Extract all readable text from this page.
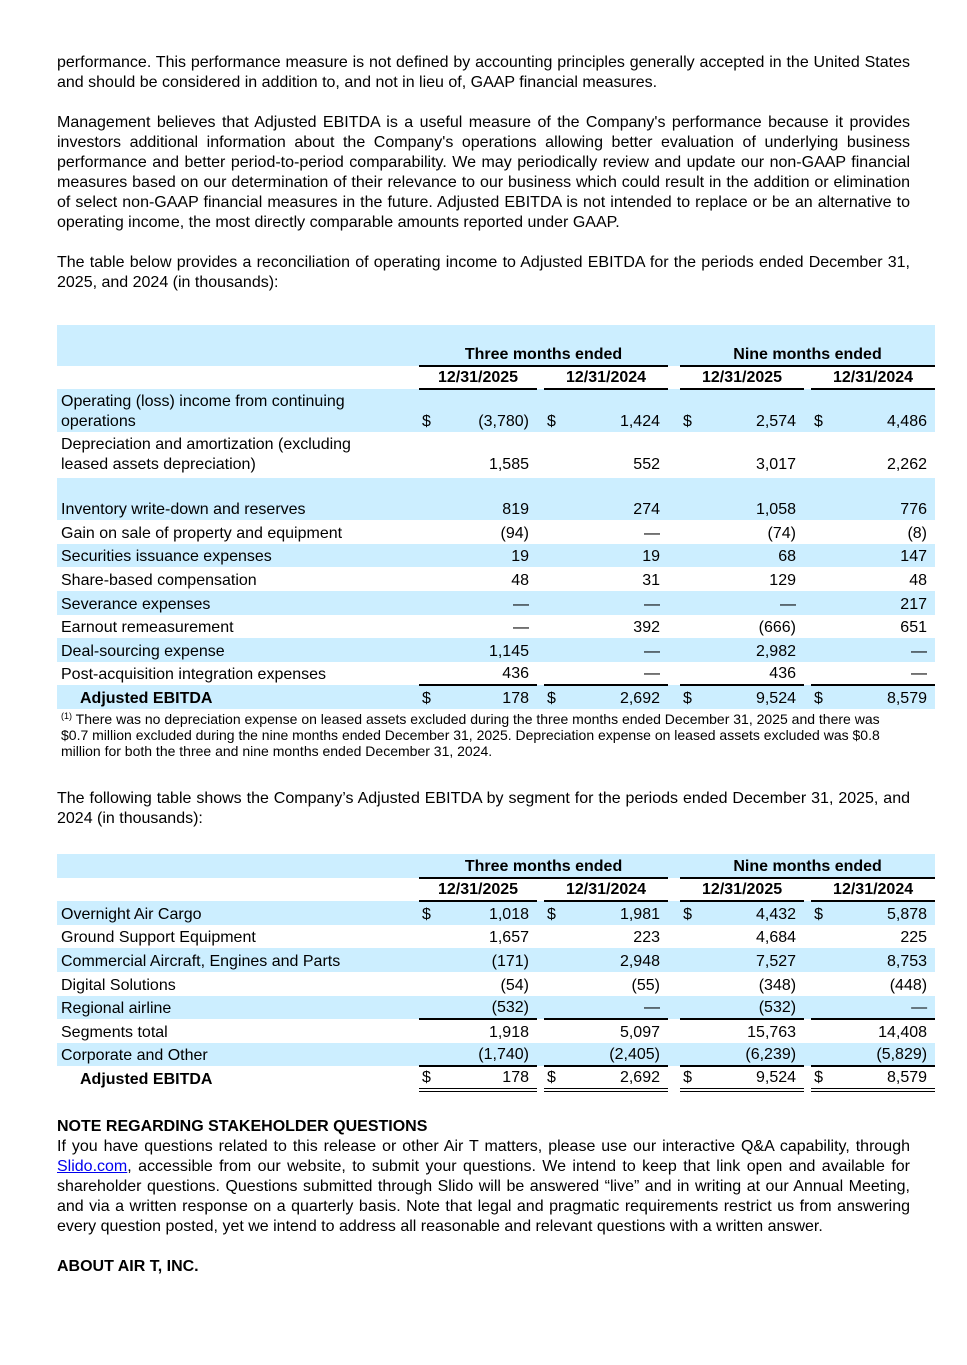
performance. This performance measure is not defined by accounting principles generally accepted in the United States and should be considered in addition to, and not in lieu of, GAAP financial measures.

Management believes that Adjusted EBITDA is a useful measure of the Company's performance because it provides investors additional information about the Company's operations allowing better evaluation of underlying business performance and better period-to-period comparability. We may periodically review and update our non-GAAP financial measures based on our determination of their relevance to our business which could result in the addition or elimination of select non-GAAP financial measures in the future. Adjusted EBITDA is not intended to replace or be an alternative to operating income, the most directly comparable amounts reported under GAAP.

The table below provides a reconciliation of operating income to Adjusted EBITDA for the periods ended December 31, 2025, and 2024 (in thousands):

		Three months ended								Nine months ended						
		12/31/2025				12/31/2024				12/31/2025				12/31/2024		
Operating (loss) income from continuing
operations		$	(3,780)			$	1,424			$	2,574			$	4,486	
Depreciation and amortization (excluding
leased assets depreciation)			1,585				552				3,017				2,262	
Inventory write-down and reserves			819				274				1,058				776	
Gain on sale of property and equipment			(94)				—				(74)				(8)	
Securities issuance expenses			19				19				68				147	
Share-based compensation			48				31				129				48	
Severance expenses			—				—				—				217	
Earnout remeasurement			—				392				(666)				651	
Deal-sourcing expense			1,145				—				2,982				—	
Post-acquisition integration expenses			436				—				436				—	
Adjusted EBITDA		$	178			$	2,692			$	9,524			$	8,579	
$^{(1)}$ There was no depreciation expense on leased assets excluded during the three months ended December 31, 2025 and there was $0.7 million excluded during the nine months ended December 31, 2025. Depreciation expense on leased assets excluded was $0.8 million for both the three and nine months ended December 31, 2024.

The following table shows the Company’s Adjusted EBITDA by segment for the periods ended December 31, 2025, and 2024 (in thousands):

		Three months ended								Nine months ended						
		12/31/2025				12/31/2024				12/31/2025				12/31/2024		
Overnight Air Cargo		$	1,018			$	1,981			$	4,432			$	5,878	
Ground Support Equipment			1,657				223				4,684				225	
Commercial Aircraft, Engines and Parts			(171)				2,948				7,527				8,753	
Digital Solutions			(54)				(55)				(348)				(448)	
Regional airline			(532)				—				(532)				—	
Segments total			1,918				5,097				15,763				14,408	
Corporate and Other			(1,740)				(2,405)				(6,239)				(5,829)	
Adjusted EBITDA		$	178			$	2,692			$	9,524			$	8,579	
NOTE REGARDING STAKEHOLDER QUESTIONS

If you have questions related to this release or other Air T matters, please use our interactive Q&A capability, through Slido.com, accessible from our website, to submit your questions. We intend to keep that link open and available for shareholder questions. Questions submitted through Slido will be answered “live” and in writing at our Annual Meeting, and via a written response on a quarterly basis. Note that legal and pragmatic requirements restrict us from answering every question posted, yet we intend to address all reasonable and relevant questions with a written answer.

ABOUT AIR T, INC.
